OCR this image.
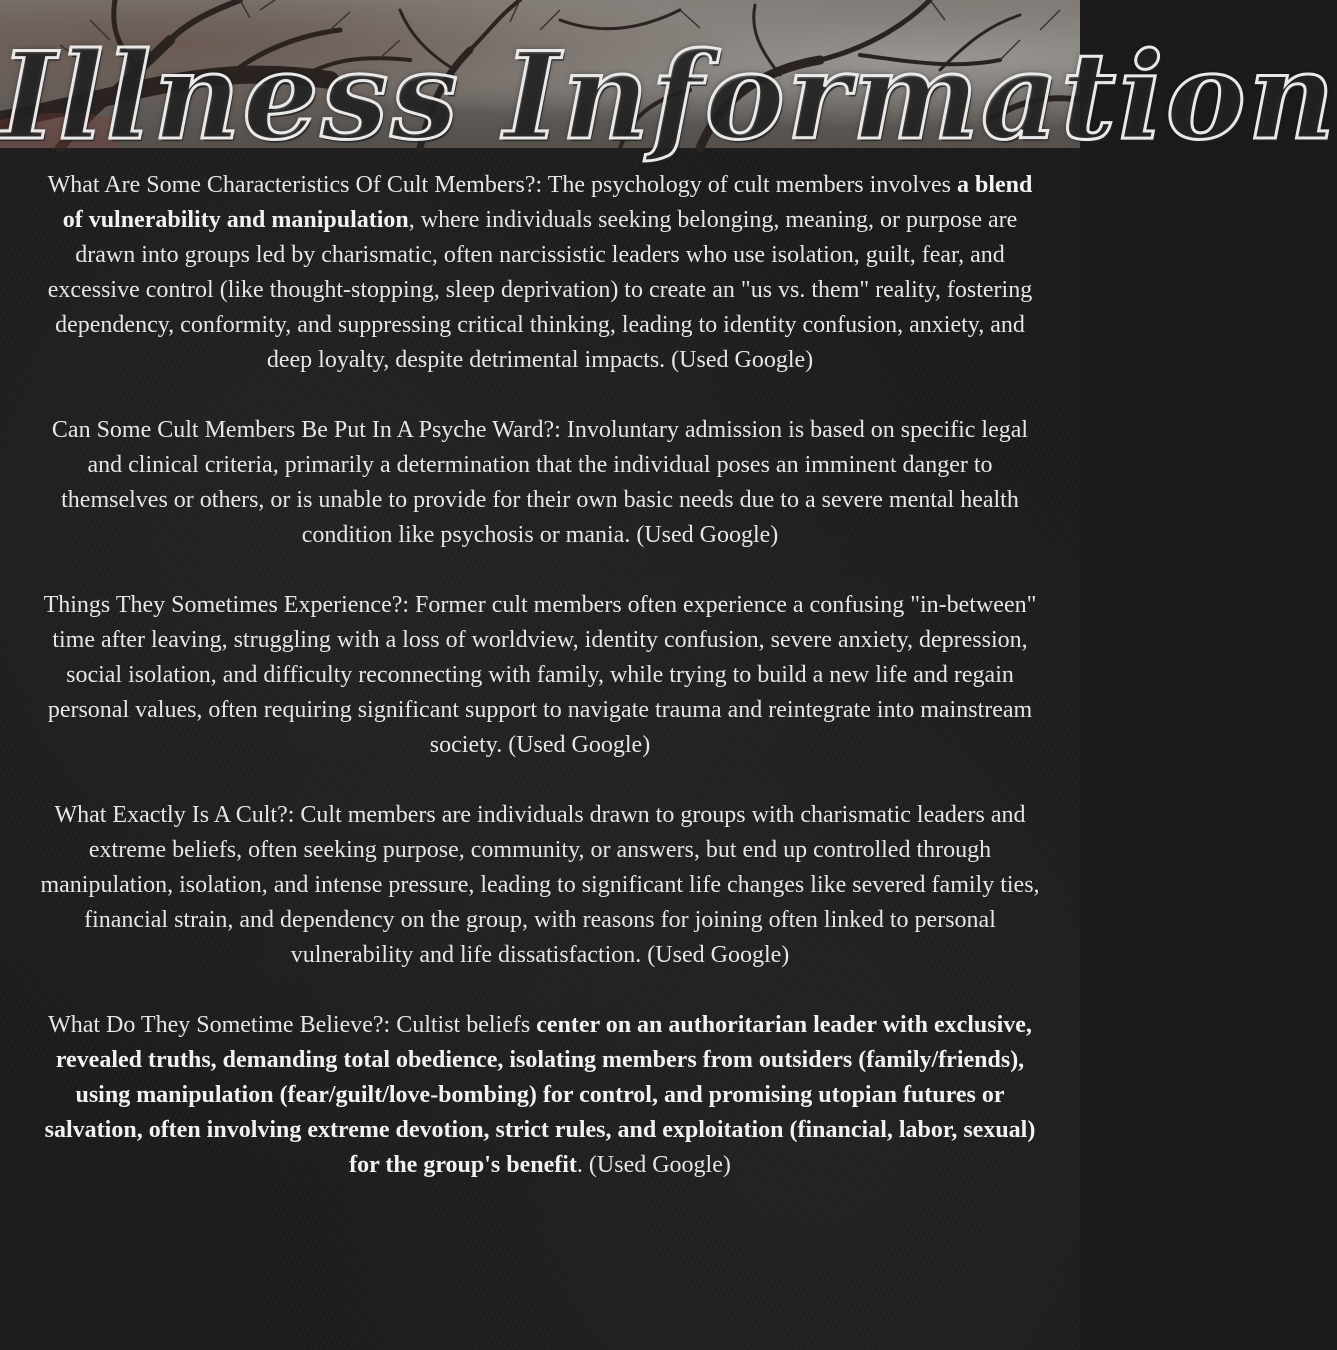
What Are Some Characteristics Of Cult Members?: The psychology of cult members involves a blend of vulnerability and manipulation, where individuals seeking belonging, meaning, or purpose are drawn into groups led by charismatic, often narcissistic leaders who use isolation, guilt, fear, and excessive control (like thought-stopping, sleep deprivation) to create an "us vs. them" reality, fostering dependency, conformity, and suppressing critical thinking, leading to identity confusion, anxiety, and deep loyalty, despite detrimental impacts. (Used Google)

Can Some Cult Members Be Put In A Psyche Ward?: Involuntary admission is based on specific legal and clinical criteria, primarily a determination that the individual poses an imminent danger to themselves or others, or is unable to provide for their own basic needs due to a severe mental health condition like psychosis or mania. (Used Google)

Things They Sometimes Experience?: Former cult members often experience a confusing "in-between" time after leaving, struggling with a loss of worldview, identity confusion, severe anxiety, depression, social isolation, and difficulty reconnecting with family, while trying to build a new life and regain personal values, often requiring significant support to navigate trauma and reintegrate into mainstream society. (Used Google)

What Exactly Is A Cult?: Cult members are individuals drawn to groups with charismatic leaders and extreme beliefs, often seeking purpose, community, or answers, but end up controlled through manipulation, isolation, and intense pressure, leading to significant life changes like severed family ties, financial strain, and dependency on the group, with reasons for joining often linked to personal vulnerability and life dissatisfaction. (Used Google)

What Do They Sometime Believe?: Cultist beliefs center on an authoritarian leader with exclusive, revealed truths, demanding total obedience, isolating members from outsiders (family/friends), using manipulation (fear/guilt/love-bombing) for control, and promising utopian futures or salvation, often involving extreme devotion, strict rules, and exploitation (financial, labor, sexual) for the group's benefit. (Used Google)
